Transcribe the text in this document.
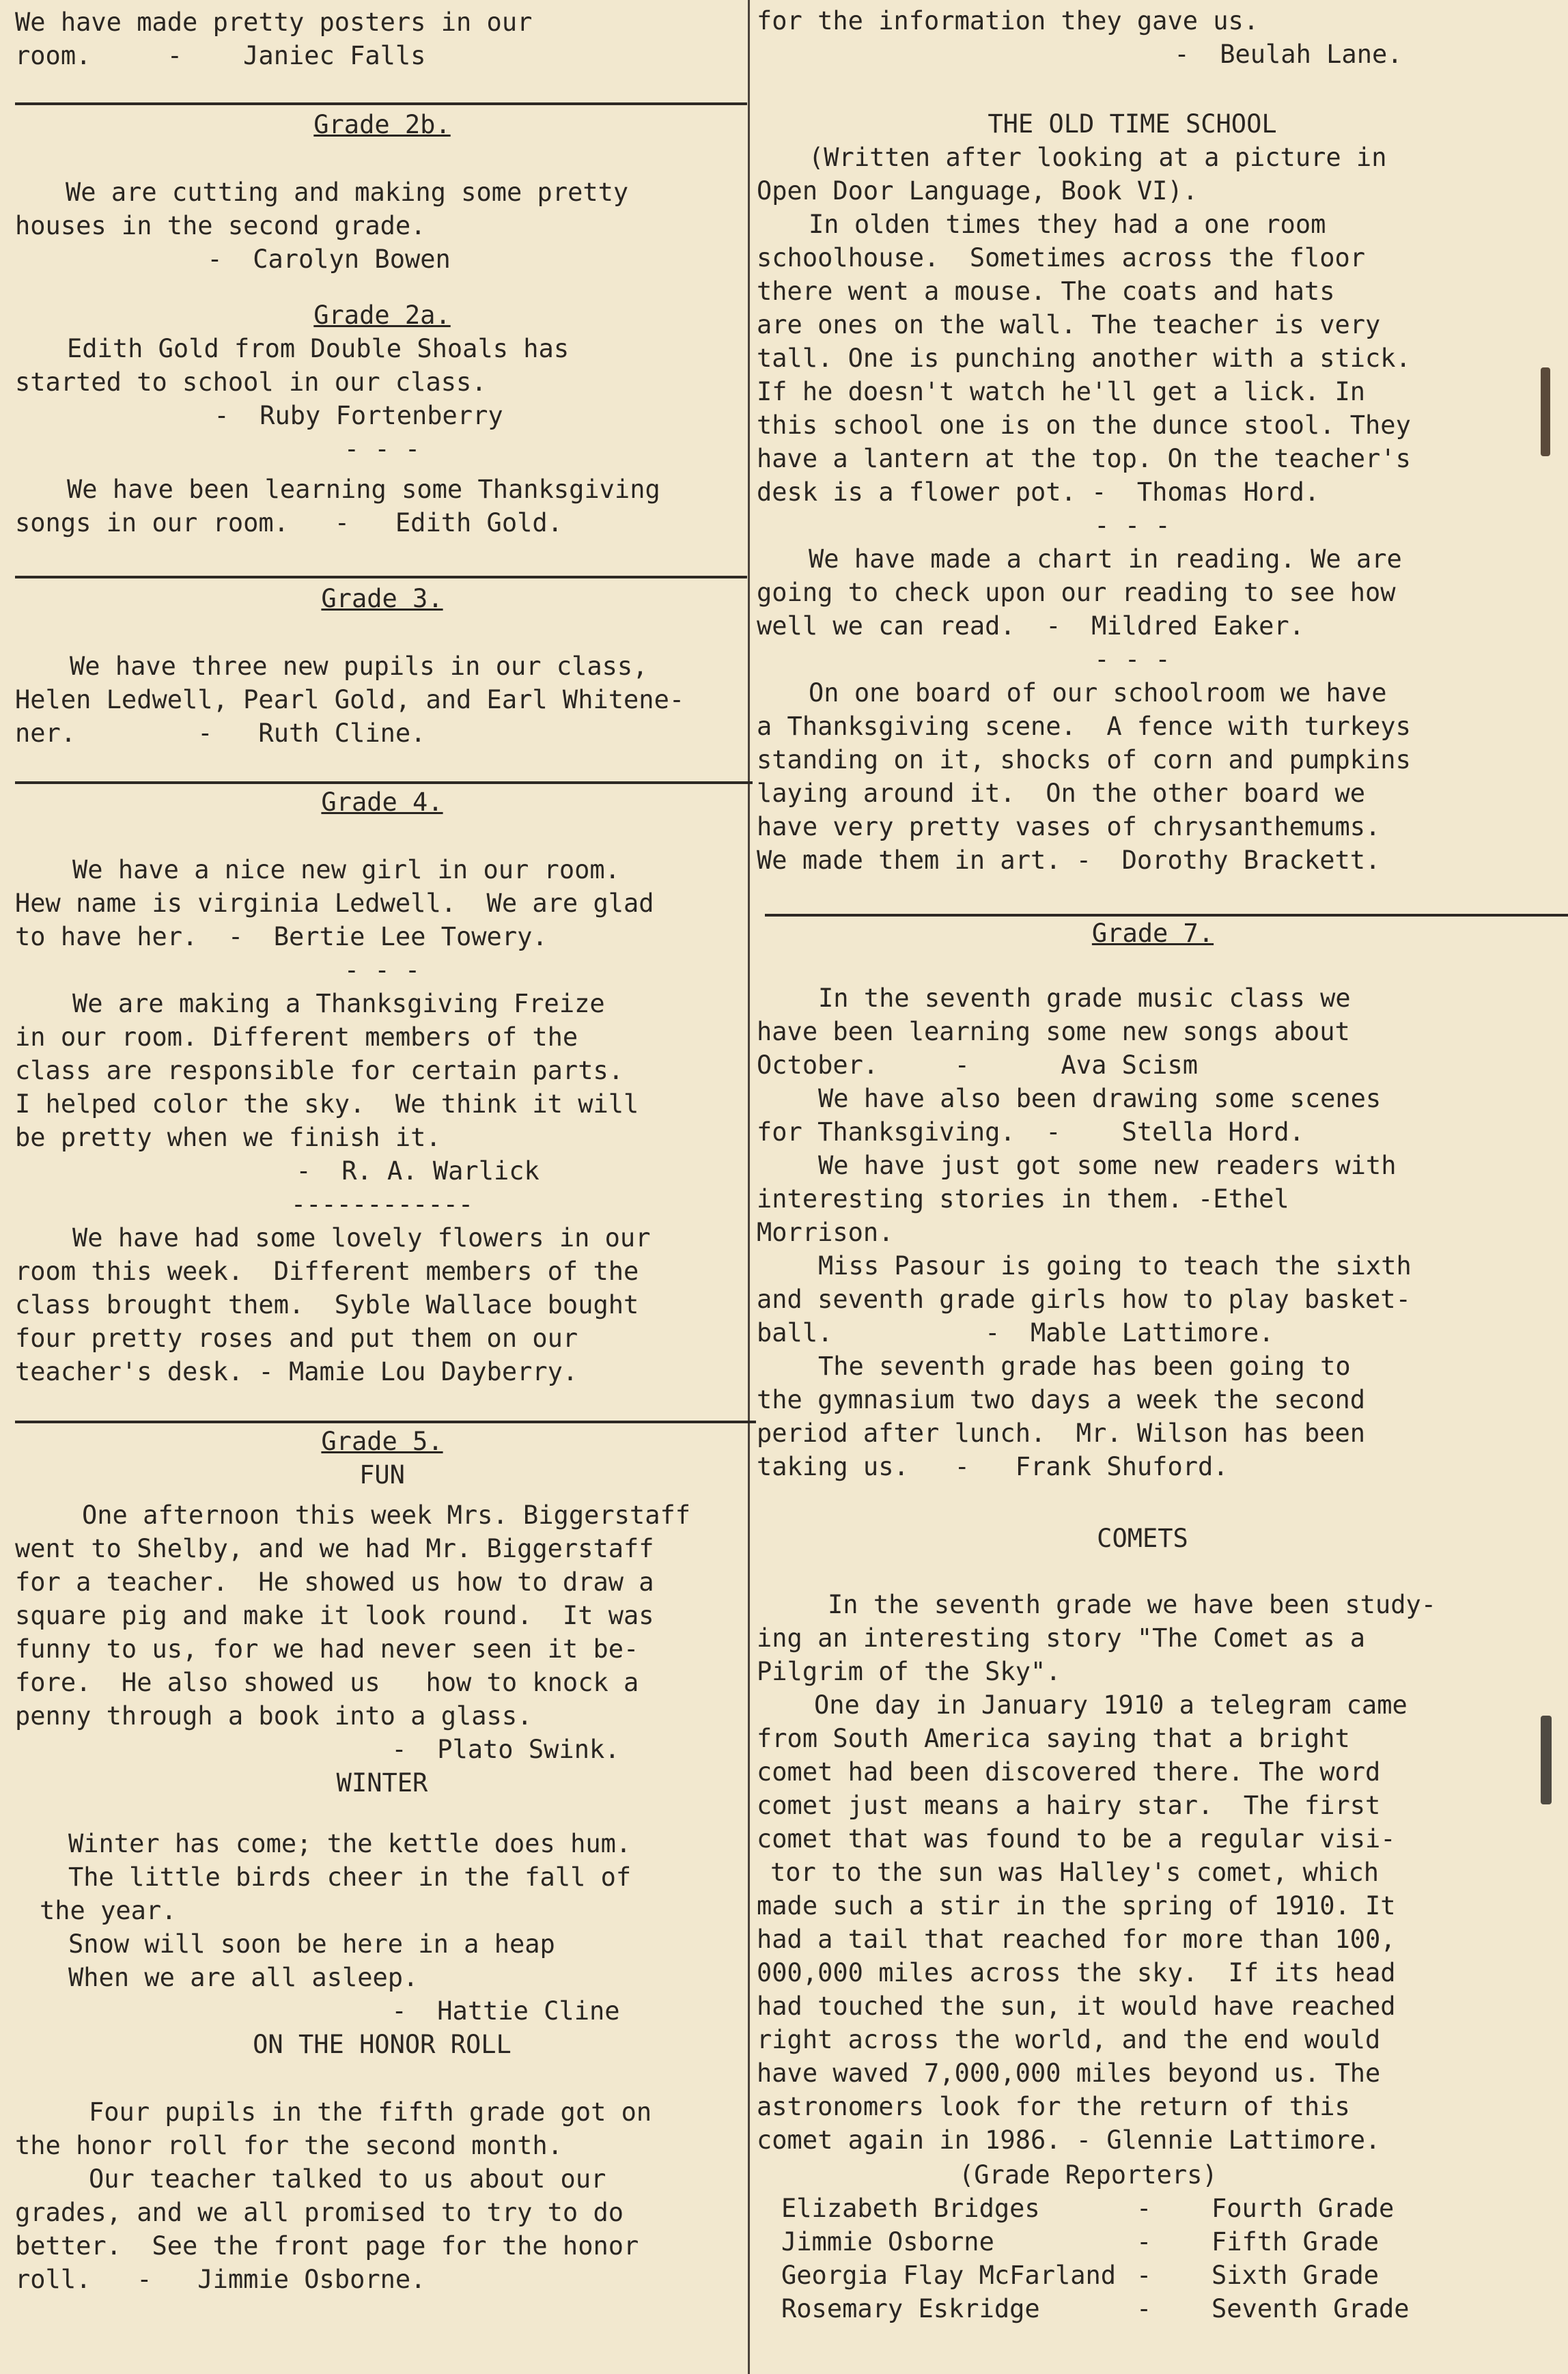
We have made pretty posters in our

room.     -    Janiec Falls

Grade 2b.

We are cutting and making some pretty

houses in the second grade.

-  Carolyn Bowen

Grade 2a.

Edith Gold from Double Shoals has

started to school in our class.

-  Ruby Fortenberry

- - -

We have been learning some Thanksgiving

songs in our room.   -   Edith Gold.

Grade 3.

We have three new pupils in our class,

Helen Ledwell, Pearl Gold, and Earl Whitene-

ner.        -   Ruth Cline.

Grade 4.

We have a nice new girl in our room.

Hew name is virginia Ledwell.  We are glad

to have her.  -  Bertie Lee Towery.

- - -

We are making a Thanksgiving Freize

in our room. Different members of the

class are responsible for certain parts.

I helped color the sky.  We think it will

be pretty when we finish it.

-  R. A. Warlick

------------

We have had some lovely flowers in our

room this week.  Different members of the

class brought them.  Syble Wallace bought

four pretty roses and put them on our

teacher's desk. - Mamie Lou Dayberry.

Grade 5.

FUN

One afternoon this week Mrs. Biggerstaff

went to Shelby, and we had Mr. Biggerstaff

for a teacher.  He showed us how to draw a

square pig and make it look round.  It was

funny to us, for we had never seen it be-

fore.  He also showed us   how to knock a

penny through a book into a glass.

-  Plato Swink.

WINTER

Winter has come; the kettle does hum.

The little birds cheer in the fall of

the year.

Snow will soon be here in a heap

When we are all asleep.

-  Hattie Cline

ON THE HONOR ROLL

Four pupils in the fifth grade got on

the honor roll for the second month.

Our teacher talked to us about our

grades, and we all promised to try to do

better.  See the front page for the honor

roll.   -   Jimmie Osborne.

for the information they gave us.

-  Beulah Lane.

THE OLD TIME SCHOOL

(Written after looking at a picture in

Open Door Language, Book VI).

In olden times they had a one room

schoolhouse.  Sometimes across the floor

there went a mouse. The coats and hats

are ones on the wall. The teacher is very

tall. One is punching another with a stick.

If he doesn't watch he'll get a lick. In

this school one is on the dunce stool. They

have a lantern at the top. On the teacher's

desk is a flower pot. -  Thomas Hord.

- - -

We have made a chart in reading. We are

going to check upon our reading to see how

well we can read.  -  Mildred Eaker.

- - -

On one board of our schoolroom we have

a Thanksgiving scene.  A fence with turkeys

standing on it, shocks of corn and pumpkins

laying around it.  On the other board we

have very pretty vases of chrysanthemums.

We made them in art. -  Dorothy Brackett.

Grade 7.

In the seventh grade music class we

have been learning some new songs about

October.     -      Ava Scism

We have also been drawing some scenes

for Thanksgiving.  -    Stella Hord.

We have just got some new readers with

interesting stories in them. -Ethel

Morrison.

Miss Pasour is going to teach the sixth

and seventh grade girls how to play basket-

ball.          -  Mable Lattimore.

The seventh grade has been going to

the gymnasium two days a week the second

period after lunch.  Mr. Wilson has been

taking us.   -   Frank Shuford.

COMETS

In the seventh grade we have been study-

ing an interesting story "The Comet as a

Pilgrim of the Sky".

One day in January 1910 a telegram came

from South America saying that a bright

comet had been discovered there. The word

comet just means a hairy star.  The first

comet that was found to be a regular visi-

tor to the sun was Halley's comet, which

made such a stir in the spring of 1910. It

had a tail that reached for more than 100,

000,000 miles across the sky.  If its head

had touched the sun, it would have reached

right across the world, and the end would

have waved 7,000,000 miles beyond us. The

astronomers look for the return of this

comet again in 1986. - Glennie Lattimore.

(Grade Reporters)

Elizabeth Bridges	-	Fourth Grade
Jimmie Osborne	-	Fifth Grade
Georgia Flay McFarland -	Sixth Grade
Rosemary Eskridge	-	Seventh Grade
